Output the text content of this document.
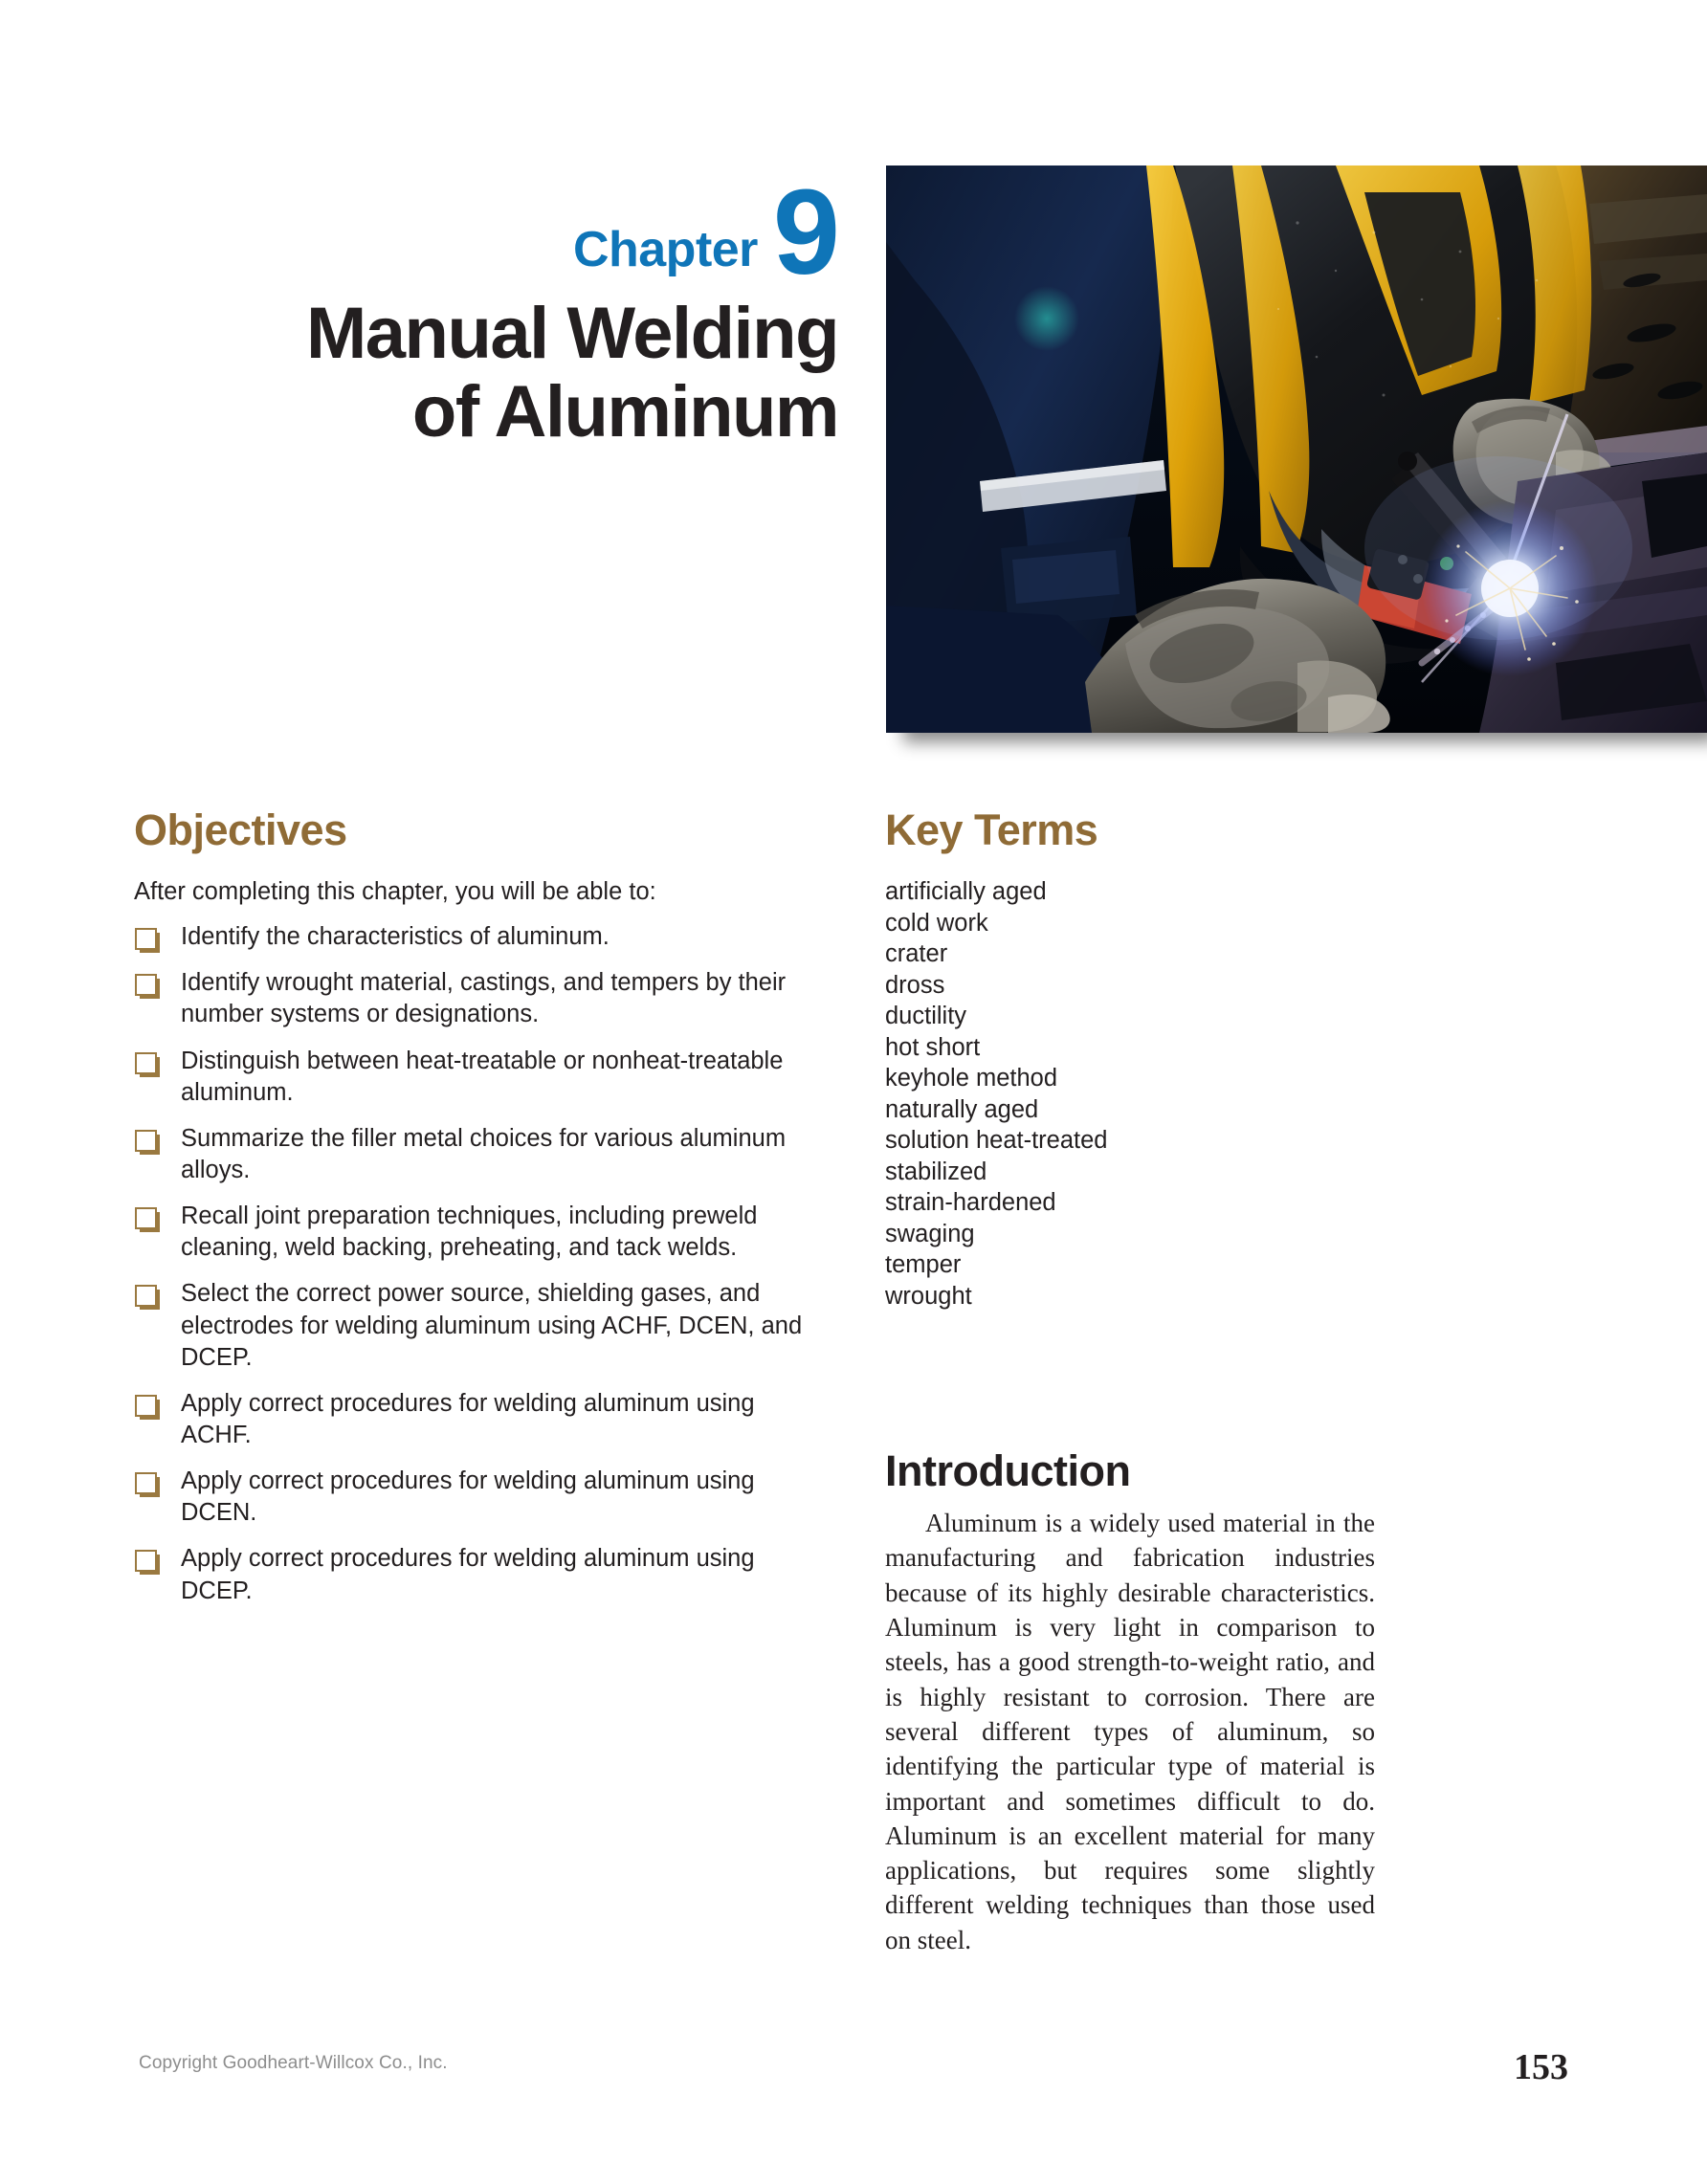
Chapter 9
Manual Welding
of Aluminum
Objectives

After completing this chapter, you will be able to:

Identify the characteristics of aluminum.
Identify wrought material, castings, and tempers by their number systems or designations.
Distinguish between heat-treatable or nonheat-treatable aluminum.
Summarize the filler metal choices for various aluminum alloys.
Recall joint preparation techniques, including preweld cleaning, weld backing, preheating, and tack welds.
Select the correct power source, shielding gases, and electrodes for welding aluminum using ACHF, DCEN, and DCEP.
Apply correct procedures for welding aluminum using ACHF.
Apply correct procedures for welding aluminum using DCEN.
Apply correct procedures for welding aluminum using DCEP.
Key Terms
artificially aged
cold work
crater
dross
ductility
hot short
keyhole method
naturally aged
solution heat-treated
stabilized
strain-hardened
swaging
temper
wrought
Introduction

Aluminum is a widely used material in the manufacturing and fabrication industries because of its highly desirable characteristics. Aluminum is very light in comparison to steels, has a good strength-to-weight ratio, and is highly resistant to corrosion. There are several different types of aluminum, so identifying the particular type of material is important and sometimes difficult to do. Aluminum is an excellent material for many applications, but requires some slightly different welding techniques than those used on steel.

Copyright Goodheart-Willcox Co., Inc.	153
